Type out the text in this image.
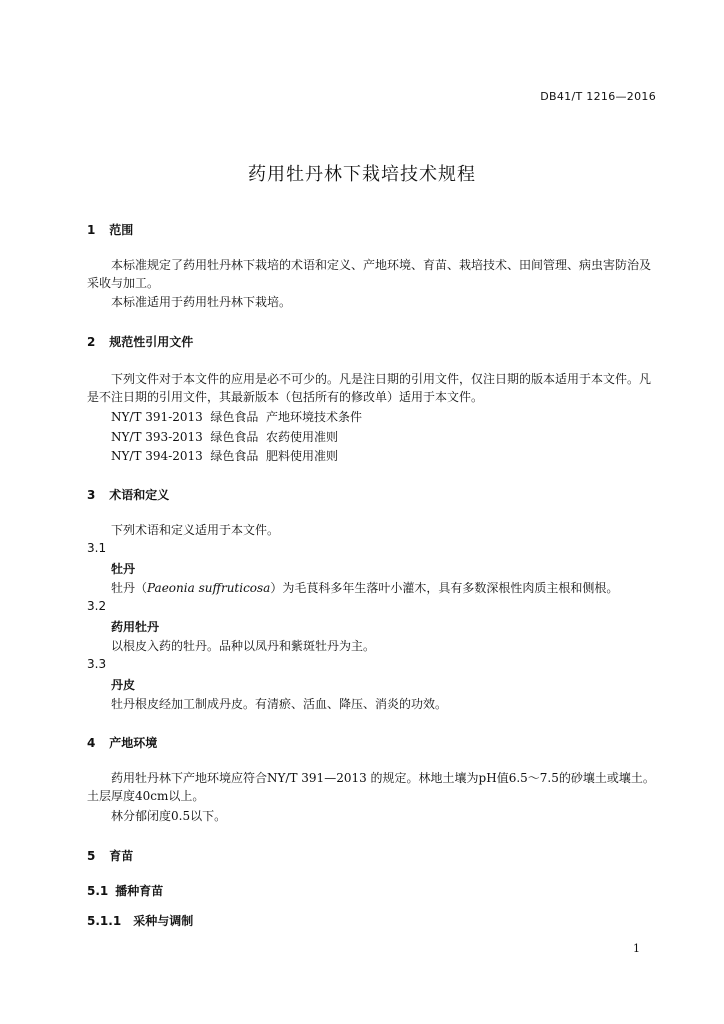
DB41/T 1216—2016
药用牡丹林下栽培技术规程
1 范围
本标准规定了药用牡丹林下栽培的术语和定义、产地环境、育苗、栽培技术、田间管理、病虫害防治及采收与加工。
本标准适用于药用牡丹林下栽培。
2 规范性引用文件
下列文件对于本文件的应用是必不可少的。凡是注日期的引用文件，仅注日期的版本适用于本文件。凡是不注日期的引用文件，其最新版本（包括所有的修改单）适用于本文件。
NY/T 391-2013  绿色食品  产地环境技术条件
NY/T 393-2013  绿色食品  农药使用准则
NY/T 394-2013  绿色食品  肥料使用准则
3 术语和定义
下列术语和定义适用于本文件。
3.1
牡丹
牡丹（Paeonia suffruticosa）为毛茛科多年生落叶小灌木，具有多数深根性肉质主根和侧根。
3.2
药用牡丹
以根皮入药的牡丹。品种以凤丹和紫斑牡丹为主。
3.3
丹皮
牡丹根皮经加工制成丹皮。有清瘀、活血、降压、消炎的功效。
4 产地环境
药用牡丹林下产地环境应符合NY/T 391—2013 的规定。林地土壤为pH值6.5～7.5的砂壤土或壤土。土层厚度40cm以上。
林分郁闭度0.5以下。
5 育苗
5.1 播种育苗
5.1.1 采种与调制
1
